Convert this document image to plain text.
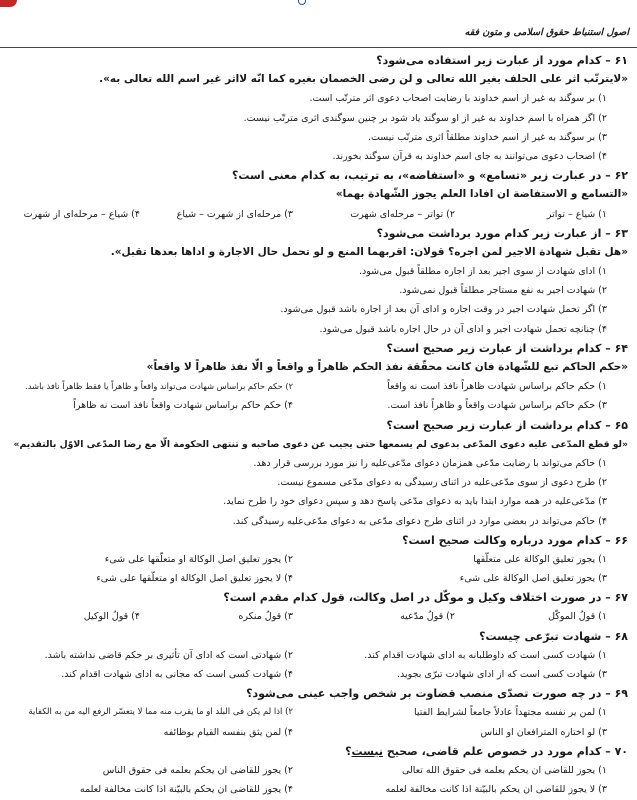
اصول استنباط حقوق اسلامی و متون فقه
۶۱ – کدام مورد از عبارت زیر استفاده می‌شود؟
«لایترتّب اثر علی الحلف بغیر الله تعالی و لن رضی الخصمان بغیره کما انّه لااثر غیر اسم الله تعالی به».
۱) بر سوگند به غیر از اسم خداوند با رضایت اصحاب دعوی اثر مترتّب است.
۲) اگر همراه با اسم خداوند به غیر از او سوگند یاد شود بر چنین سوگندی اثری مترتّب نیست.
۳) بر سوگند به غیر از اسم خداوند مطلقاً اثری مترتّب نیست.
۴) اصحاب دعوی می‌توانند به جای اسم خداوند به قرآن سوگند بخورند.
۶۲ – در عبارت زیر «تسامع» و «استفاضه»، به ترتیب، به کدام معنی است؟
«التسامع و الاستفاضة ان افادا العلم یجوز الشّهادة بهما»
۱) شیاع – تواتر
۲) تواتر – مرحله‌ای شهرت
۳) مرحله‌ای از شهرت – شیاع
۴) شیاع – مرحله‌ای از شهرت
۶۳ – از عبارت زیر کدام مورد برداشت می‌شود؟
«هل تقبل شهادة الاجیر لمن اجره؟ قولان: اقربهما المنع و لو تحمل حال الاجارة و اداها بعدها تقبل».
۱) ادای شهادت از سوی اجیر بعد از اجاره مطلقاً قبول می‌شود.
۲) شهادت اجیر به نفع مستاجر مطلقاً قبول نمی‌شود.
۳) اگر تحمل شهادت اجیر در وقت اجاره و ادای آن بعد از اجاره باشد قبول می‌شود.
۴) چنانچه تحمل شهادت اجیر و ادای آن در حال اجاره باشد قبول می‌شود.
۶۴ – کدام برداشت از عبارت زیر صحیح است؟
«حکم الحاکم تبع للشّهادة فان کانت محقّقة نفذ الحکم ظاهراً و واقعاً و الّا نفذ ظاهراً لا واقعاً»
۱) حکم حاکم براساس شهادت ظاهراً نافذ است نه واقعاً
۲) حکم حاکم براساس شهادت می‌تواند واقعاً و ظاهراً یا فقط ظاهراً نافذ باشد.
۳) حکم حاکم براساس شهادت واقعاً و ظاهراً نافذ است.
۴) حکم حاکم براساس شهادت واقعاً نافذ است نه ظاهراً
۶۵ – کدام برداشت از عبارت زیر صحیح است؟
«لو قطع المدّعی علیه دعوی المدّعی بدعوی لم یسمعها حتی یجیب عن دعوی صاحبه و تنتهی الحکومة الّا مع رضا المدّعی الاوّل بالتقدیم»
۱) حاکم می‌تواند با رضایت مدّعی همزمان دعوای مدّعی‌علیه را نیز مورد بررسی قرار دهد.
۲) طرح دعوی از سوی مدّعی‌علیه در اثنای رسیدگی به دعوای مدّعی مسموع نیست.
۳) مدّعی‌علیه در همه موارد ابتدا باید به دعوای مدّعی پاسخ دهد و سپس دعوای خود را طرح نماید.
۴) حاکم می‌تواند در بعضی موارد در اثنای طرح دعوای مدّعی به دعوای مدّعی‌علیه رسیدگی کند.
۶۶ – کدام مورد درباره وکالت صحیح است؟
۱) یجوز تعلیق الوکالة علی متعلّقها
۲) یجوز تعلیق اصل الوکالة او متعلّقها علی شیء
۳) یجوز تعلیق اصل الوکالة علی شیء
۴) لا یجوز تعلیق اصل الوکالة او متعلّقها علی شیء
۶۷ – در صورت اختلاف وکیل و موکّل در اصل وکالت، قول کدام مقدم است؟
۱) قولُ الموکّل
۲) قولُ مدّعیه
۳) قولُ منکره
۴) قولُ الوکیل
۶۸ – شهادت تبرّعی چیست؟
۱) شهادت کسی است که داوطلبانه به ادای شهادت اقدام کند.
۲) شهادتی است که ادای آن تأثیری بر حکم قاضی نداشته باشد.
۳) شهادت کسی است که از ادای شهادت تبرّی بجوید.
۴) شهادت کسی است که مجانی به ادای شهادت اقدام کند.
۶۹ – در چه صورت تصدّی منصب قضاوت بر شخص واجب عینی می‌شود؟
۱) لمن یر نفسه مجتهداً عادلاً جامعاً لشرایط الفتیا
۲) اذا لم یکن فی البلد او ما یقرب منه مما لا یتعسّر الرفع الیه من به الکفایة
۳) لو اختاره المترافعان او الناس
۴) لمن یثق بنفسه القیام بوظائفه
۷۰ – کدام مورد در خصوص علم قاضی، صحیح نیست؟
۱) یجوز للقاضی ان یحکم بعلمه فی حقوق الله تعالی
۲) یجوز للقاضی ان یحکم بعلمه فی حقوق الناس
۳) لا یجوز للقاضی ان یحکم بالبیّنة اذا کانت مخالفة لعلمه
۴) یجوز للقاضی ان یحکم بالبیّنة اذا کانت مخالفة لعلمه
